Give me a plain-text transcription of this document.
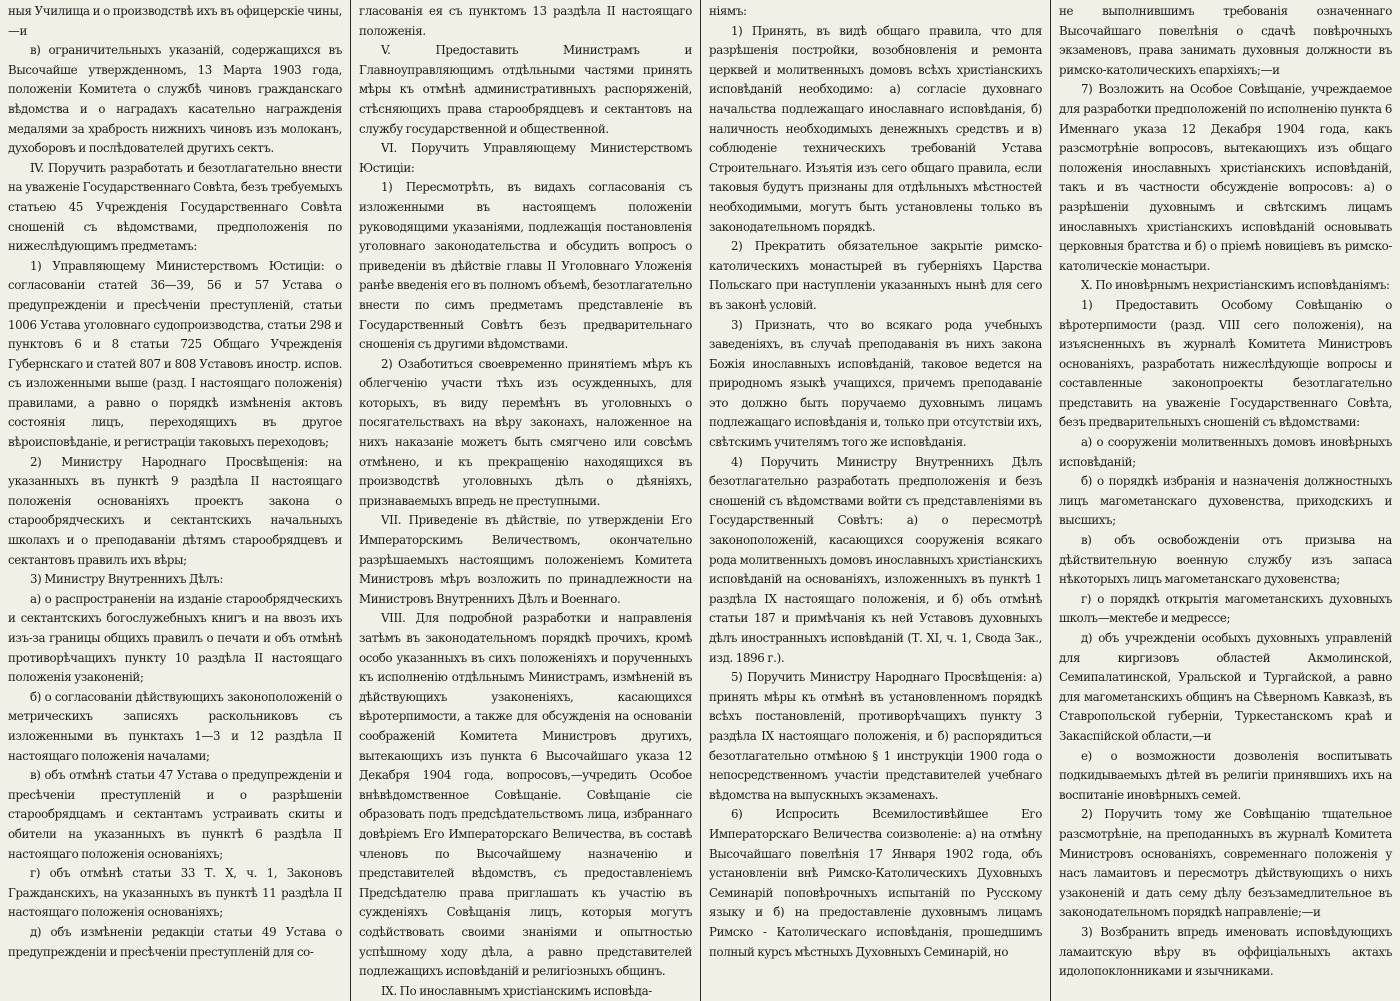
ныя Училища и о производствѣ ихъ въ офицерскіе чины,—и

в) ограничительныхъ указаній, содержащихся въ Высочайше утвержденномъ, 13 Марта 1903 года, положеніи Комитета о службѣ чиновъ гражданскаго вѣдомства и о наградахъ касательно награжденія медалями за храбрость нижнихъ чиновъ изъ молоканъ, духоборовъ и послѣдователей другихъ сектъ.

IV. Поручить разработать и безотлагательно внести на уваженіе Государственнаго Совѣта, безъ требуемыхъ статьею 45 Учрежденія Государственнаго Совѣта сношеній съ вѣдомствами, предположенія по нижеслѣдующимъ предметамъ:

1) Управляющему Министерствомъ Юстиціи: о согласованіи статей 36—39, 56 и 57 Устава о предупрежденіи и пресѣченіи преступленій, статьи 1006 Устава уголовнаго судопроизводства, статьи 298 и пунктовъ 6 и 8 статьи 725 Общаго Учрежденія Губернскаго и статей 807 и 808 Уставовъ иностр. испов. съ изложенными выше (разд. I настоящаго положенія) правилами, а равно о порядкѣ измѣненія актовъ состоянія лицъ, переходящихъ въ другое вѣроисповѣданіе, и регистраціи таковыхъ переходовъ;

2) Министру Народнаго Просвѣщенія: на указанныхъ въ пунктѣ 9 раздѣла II настоящаго положенія основаніяхъ проектъ закона о старообрядческихъ и сектантскихъ начальныхъ школахъ и о преподаваніи дѣтямъ старообрядцевъ и сектантовъ правилъ ихъ вѣры;

3) Министру Внутреннихъ Дѣлъ:

а) о распространеніи на изданіе старообрядческихъ и сектантскихъ богослужебныхъ книгъ и на ввозъ ихъ изъ-за границы общихъ правилъ о печати и объ отмѣнѣ противорѣчащихъ пункту 10 раздѣла II настоящаго положенія узаконеній;

б) о согласованіи дѣйствующихъ законоположеній о метрическихъ записяхъ раскольниковъ съ изложенными въ пунктахъ 1—3 и 12 раздѣла II настоящаго положенія началами;

в) объ отмѣнѣ статьи 47 Устава о предупрежденіи и пресѣченіи преступленій и о разрѣшеніи старообрядцамъ и сектантамъ устраивать скиты и обители на указанныхъ въ пунктѣ 6 раздѣла II настоящаго положенія основаніяхъ;

г) объ отмѣнѣ статьи 33 Т. X, ч. 1, Законовъ Гражданскихъ, на указанныхъ въ пунктѣ 11 раздѣла II настоящаго положенія основаніяхъ;

д) объ измѣненіи редакціи статьи 49 Устава о предупрежденіи и пресѣченіи преступленій для со-

гласованія ея съ пунктомъ 13 раздѣла II настоящаго положенія.

V. Предоставить Министрамъ и Главноуправляющимъ отдѣльными частями принять мѣры къ отмѣнѣ административныхъ распоряженій, стѣсняющихъ права старообрядцевъ и сектантовъ на службу государственной и общественной.

VI. Поручить Управляющему Министерствомъ Юстиціи:

1) Пересмотрѣть, въ видахъ согласованія съ изложенными въ настоящемъ положеніи руководящими указаніями, подлежащія постановленія уголовнаго законодательства и обсудить вопросъ о приведеніи въ дѣйствіе главы II Уголовнаго Уложенія ранѣе введенія его въ полномъ объемѣ, безотлагательно внести по симъ предметамъ представленіе въ Государственный Совѣтъ безъ предварительнаго сношенія съ другими вѣдомствами.

2) Озаботиться своевременно принятіемъ мѣръ къ облегченію участи тѣхъ изъ осужденныхъ, для которыхъ, въ виду перемѣнъ въ уголовныхъ о посягательствахъ на вѣру законахъ, наложенное на нихъ наказаніе можетъ быть смягчено или совсѣмъ отмѣнено, и къ прекращенію находящихся въ производствѣ уголовныхъ дѣлъ о дѣяніяхъ, признаваемыхъ впредь не преступными.

VII. Приведеніе въ дѣйствіе, по утвержденіи Его Императорскимъ Величествомъ, окончательно разрѣшаемыхъ настоящимъ положеніемъ Комитета Министровъ мѣръ возложить по принадлежности на Министровъ Внутреннихъ Дѣлъ и Военнаго.

VIII. Для подробной разработки и направленія затѣмъ въ законодательномъ порядкѣ прочихъ, кромѣ особо указанныхъ въ сихъ положеніяхъ и порученныхъ къ исполненію отдѣльнымъ Министрамъ, измѣненій въ дѣйствующихъ узаконеніяхъ, касающихся вѣротерпимости, а также для обсужденія на основаніи соображеній Комитета Министровъ другихъ, вытекающихъ изъ пункта 6 Высочайшаго указа 12 Декабря 1904 года, вопросовъ,—учредить Особое внѣвѣдомственное Совѣщаніе. Совѣщаніе сіе образовать подъ предсѣдательствомъ лица, избраннаго довѣріемъ Его Императорскаго Величества, въ составѣ членовъ по Высочайшему назначенію и представителей вѣдомствъ, съ предоставленіемъ Предсѣдателю права приглашать къ участію въ сужденіяхъ Совѣщанія лицъ, которыя могутъ содѣйствовать своими знаніями и опытностью успѣшному ходу дѣла, а равно представителей подлежащихъ исповѣданій и религіозныхъ общинъ.

IX. По инославнымъ христіанскимъ исповѣда-

ніямъ:

1) Принять, въ видѣ общаго правила, что для разрѣшенія постройки, возобновленія и ремонта церквей и молитвенныхъ домовъ всѣхъ христіанскихъ исповѣданій необходимо: а) согласіе духовнаго начальства подлежащаго инославнаго исповѣданія, б) наличность необходимыхъ денежныхъ средствъ и в) соблюденіе техническихъ требованій Устава Строительнаго. Изъятія изъ сего общаго правила, если таковыя будутъ признаны для отдѣльныхъ мѣстностей необходимыми, могутъ быть установлены только въ законодательномъ порядкѣ.

2) Прекратить обязательное закрытіе римско-католическихъ монастырей въ губерніяхъ Царства Польскаго при наступленіи указанныхъ нынѣ для сего въ законѣ условій.

3) Признать, что во всякаго рода учебныхъ заведеніяхъ, въ случаѣ преподаванія въ нихъ закона Божія инославныхъ исповѣданій, таковое ведется на природномъ языкѣ учащихся, причемъ преподаваніе это должно быть поручаемо духовнымъ лицамъ подлежащаго исповѣданія и, только при отсутствіи ихъ, свѣтскимъ учителямъ того же исповѣданія.

4) Поручить Министру Внутреннихъ Дѣлъ безотлагательно разработать предположенія и безъ сношеній съ вѣдомствами войти съ представленіями въ Государственный Совѣтъ: а) о пересмотрѣ законоположеній, касающихся сооруженія всякаго рода молитвенныхъ домовъ инославныхъ христіанскихъ исповѣданій на основаніяхъ, изложенныхъ въ пунктѣ 1 раздѣла IX настоящаго положенія, и б) объ отмѣнѣ статьи 187 и примѣчанія къ ней Уставовъ духовныхъ дѣлъ иностранныхъ исповѣданій (Т. XI, ч. 1, Свода Зак., изд. 1896 г.).

5) Поручить Министру Народнаго Просвѣщенія: а) принять мѣры къ отмѣнѣ въ установленномъ порядкѣ всѣхъ постановленій, противорѣчащихъ пункту 3 раздѣла IX настоящаго положенія, и б) распорядиться безотлагательно отмѣною § 1 инструкціи 1900 года о непосредственномъ участіи представителей учебнаго вѣдомства на выпускныхъ экзаменахъ.

6) Испросить Всемилостивѣйшее Его Императорскаго Величества соизволеніе: а) на отмѣну Высочайшаго повелѣнія 17 Января 1902 года, объ установленіи внѣ Римско-Католическихъ Духовныхъ Семинарій поповѣрочныхъ испытаній по Русскому языку и б) на предоставленіе духовнымъ лицамъ Римско - Католическаго исповѣданія, прошедшимъ полный курсъ мѣстныхъ Духовныхъ Семинарій, но

не выполнившимъ требованія означеннаго Высочайшаго повелѣнія о сдачѣ повѣрочныхъ экзаменовъ, права занимать духовныя должности въ римско-католическихъ епархіяхъ;—и

7) Возложить на Особое Совѣщаніе, учреждаемое для разработки предположеній по исполненію пункта 6 Именнаго указа 12 Декабря 1904 года, какъ разсмотрѣніе вопросовъ, вытекающихъ изъ общаго положенія инославныхъ христіанскихъ исповѣданій, такъ и въ частности обсужденіе вопросовъ: а) о разрѣшеніи духовнымъ и свѣтскимъ лицамъ инославныхъ христіанскихъ исповѣданій основывать церковныя братства и б) о пріемѣ новиціевъ въ римско-католическіе монастыри.

X. По иновѣрнымъ нехристіанскимъ исповѣданіямъ:

1) Предоставить Особому Совѣщанію о вѣротерпимости (разд. VIII сего положенія), на изъясненныхъ въ журналѣ Комитета Министровъ основаніяхъ, разработать нижеслѣдующіе вопросы и составленные законопроекты безотлагательно представить на уваженіе Государственнаго Совѣта, безъ предварительныхъ сношеній съ вѣдомствами:

а) о сооруженіи молитвенныхъ домовъ иновѣрныхъ исповѣданій;

б) о порядкѣ избранія и назначенія должностныхъ лицъ магометанскаго духовенства, приходскихъ и высшихъ;

в) объ освобожденіи отъ призыва на дѣйствительную военную службу изъ запаса нѣкоторыхъ лицъ магометанскаго духовенства;

г) о порядкѣ открытія магометанскихъ духовныхъ школъ—мектебе и медрессе;

д) объ учрежденіи особыхъ духовныхъ управленій для киргизовъ областей Акмолинской, Семипалатинской, Уральской и Тургайской, а равно для магометанскихъ общинъ на Сѣверномъ Кавказѣ, въ Ставропольской губерніи, Туркестанскомъ краѣ и Закаспійской области,—и

е) о возможности дозволенія воспитывать подкидываемыхъ дѣтей въ религіи принявшихъ ихъ на воспитаніе иновѣрныхъ семей.

2) Поручить тому же Совѣщанію тщательное разсмотрѣніе, на преподанныхъ въ журналѣ Комитета Министровъ основаніяхъ, современнаго положенія у насъ ламаитовъ и пересмотръ дѣйствующихъ о нихъ узаконеній и дать сему дѣлу безъзамедлительное въ законодательномъ порядкѣ направленіе;—и

3) Возбранить впредь именовать исповѣдующихъ ламаитскую вѣру въ оффиціальныхъ актахъ идолопоклонниками и язычниками.
